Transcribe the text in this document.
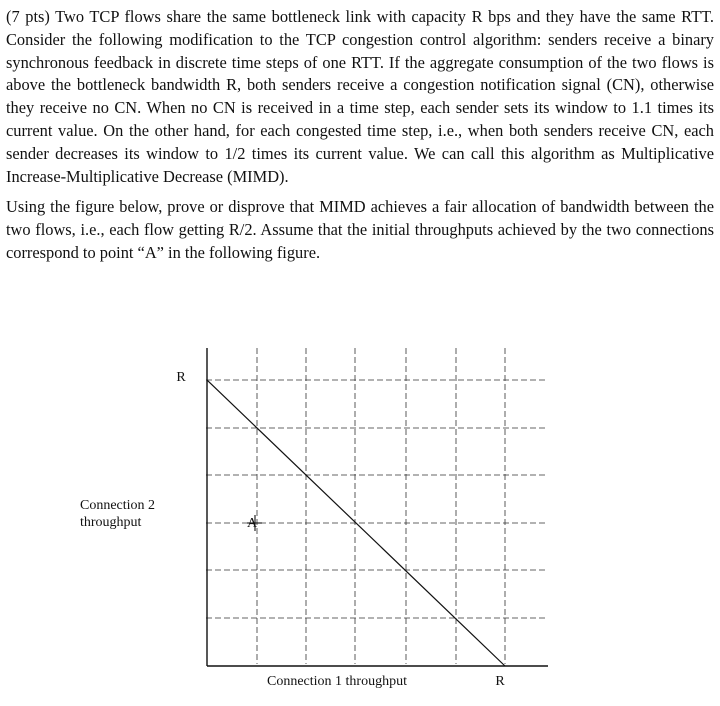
(7 pts) Two TCP flows share the same bottleneck link with capacity R bps and they have the same RTT. Consider the following modification to the TCP congestion control algorithm: senders receive a binary synchronous feedback in discrete time steps of one RTT. If the aggregate consumption of the two flows is above the bottleneck bandwidth R, both senders receive a congestion notification signal (CN), otherwise they receive no CN. When no CN is received in a time step, each sender sets its window to 1.1 times its current value. On the other hand, for each congested time step, i.e., when both senders receive CN, each sender decreases its window to 1/2 times its current value. We can call this algorithm as Multiplicative Increase-Multiplicative Decrease (MIMD).

Using the figure below, prove or disprove that MIMD achieves a fair allocation of bandwidth between the two flows, i.e., each flow getting R/2. Assume that the initial throughputs achieved by the two connections correspond to point “A” in the following figure.

A
R
Connection 2
throughput
Connection 1 throughput	R
